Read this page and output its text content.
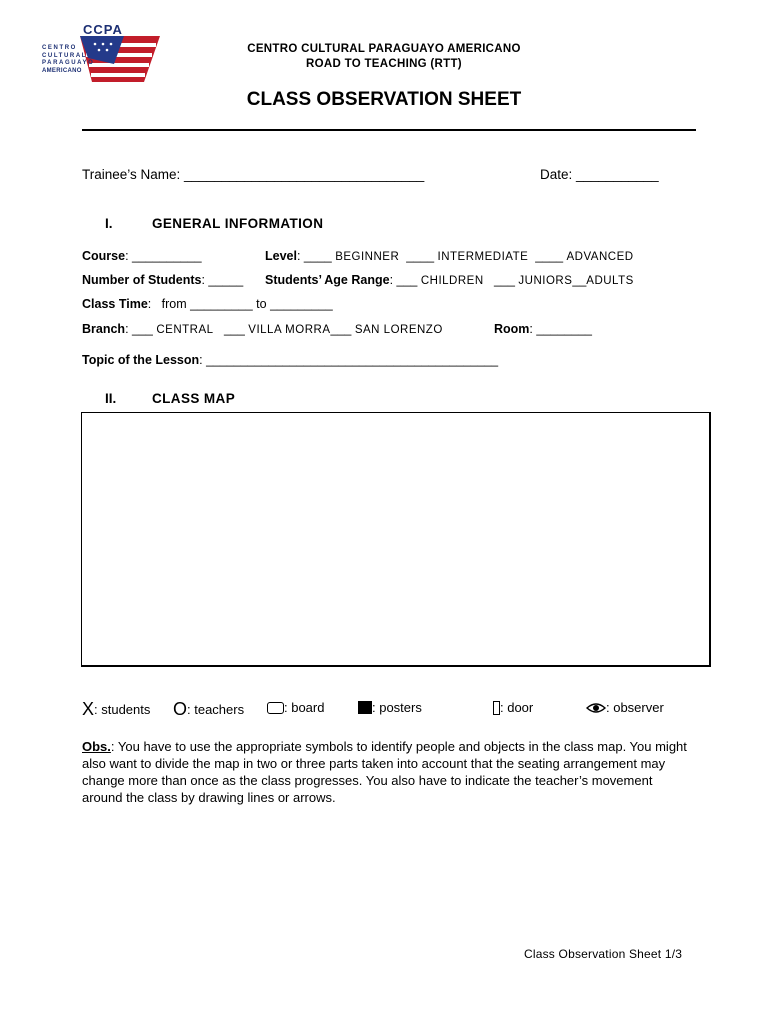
CCPA
CENTRO
CULTURAL
PARAGUAYO
AMERICANO
CENTRO CULTURAL PARAGUAYO AMERICANO
ROAD TO TEACHING (RTT)
CLASS OBSERVATION SHEET
Trainee’s Name: ________________________________	Date: ___________
I.	GENERAL INFORMATION
Course: __________	Level: ____ BEGINNER  ____ INTERMEDIATE  ____ ADVANCED
Number of Students: _____ Students’ Age Range: ___ CHILDREN   ___ JUNIORS__ADULTS
Class Time:   from _________ to _________
Branch: ___ CENTRAL   ___ VILLA MORRA___ SAN LORENZO	Room: ________
Topic of the Lesson: __________________________________________
II.	CLASS MAP
X : students O : teachers	: board	: posters	: door	: observer
Obs.: You have to use the appropriate symbols to identify people and objects in the class map. You might also want to divide the map in two or three parts taken into account that the seating arrangement may change more than once as the class progresses. You also have to indicate the teacher’s movement around the class by drawing lines or arrows.
Class Observation Sheet 1/3
